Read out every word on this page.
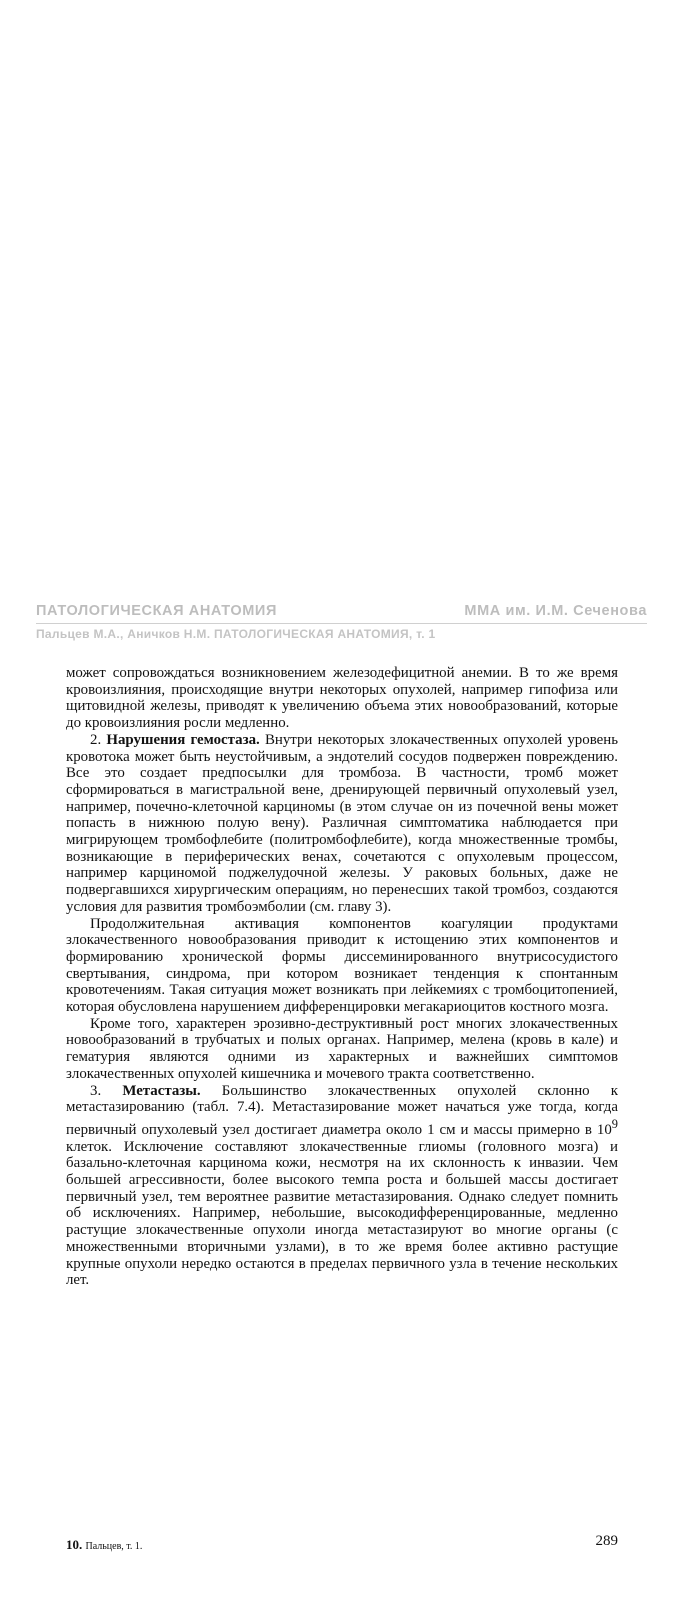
ПАТОЛОГИЧЕСКАЯ АНАТОМИЯ	ММА им. И.М. Сеченова
Пальцев М.А., Аничков Н.М. ПАТОЛОГИЧЕСКАЯ АНАТОМИЯ, т. 1

может сопровождаться возникновением железодефицитной анемии. В то же время кровоизлияния, происходящие внутри некоторых опухолей, например гипофиза или щитовидной железы, приводят к увеличению объема этих новообразований, которые до кровоизлияния росли медленно.

2. Нарушения гемостаза. Внутри некоторых злокачественных опухолей уровень кровотока может быть неустойчивым, а эндотелий сосудов подвержен повреждению. Все это создает предпосылки для тромбоза. В частности, тромб может сформироваться в магистральной вене, дренирующей первичный опухолевый узел, например, почечно-клеточной карциномы (в этом случае он из почечной вены может попасть в нижнюю полую вену). Различная симптоматика наблюдается при мигрирующем тромбофлебите (политромбофлебите), когда множественные тромбы, возникающие в периферических венах, сочетаются с опухолевым процессом, например карциномой поджелудочной железы. У раковых больных, даже не подвергавшихся хирургическим операциям, но перенесших такой тромбоз, создаются условия для развития тромбоэмболии (см. главу 3).

Продолжительная активация компонентов коагуляции продуктами злокачественного новообразования приводит к истощению этих компонентов и формированию хронической формы диссеминированного внутрисосудистого свертывания, синдрома, при котором возникает тенденция к спонтанным кровотечениям. Такая ситуация может возникать при лейкемиях с тромбоцитопенией, которая обусловлена нарушением дифференцировки мегакариоцитов костного мозга.

Кроме того, характерен эрозивно-деструктивный рост многих злокачественных новообразований в трубчатых и полых органах. Например, мелена (кровь в кале) и гематурия являются одними из характерных и важнейших симптомов злокачественных опухолей кишечника и мочевого тракта соответственно.

3. Метастазы. Большинство злокачественных опухолей склонно к метастазированию (табл. 7.4). Метастазирование может начаться уже тогда, когда первичный опухолевый узел достигает диаметра около 1 см и массы примерно в $10^9$ клеток. Исключение составляют злокачественные глиомы (головного мозга) и базально-клеточная карцинома кожи, несмотря на их склонность к инвазии. Чем большей агрессивности, более высокого темпа роста и большей массы достигает первичный узел, тем вероятнее развитие метастазирования. Однако следует помнить об исключениях. Например, небольшие, высокодифференцированные, медленно растущие злокачественные опухоли иногда метастазируют во многие органы (с множественными вторичными узлами), в то же время более активно растущие крупные опухоли нередко остаются в пределах первичного узла в течение нескольких лет.

10. Пальцев, т. 1.	289
